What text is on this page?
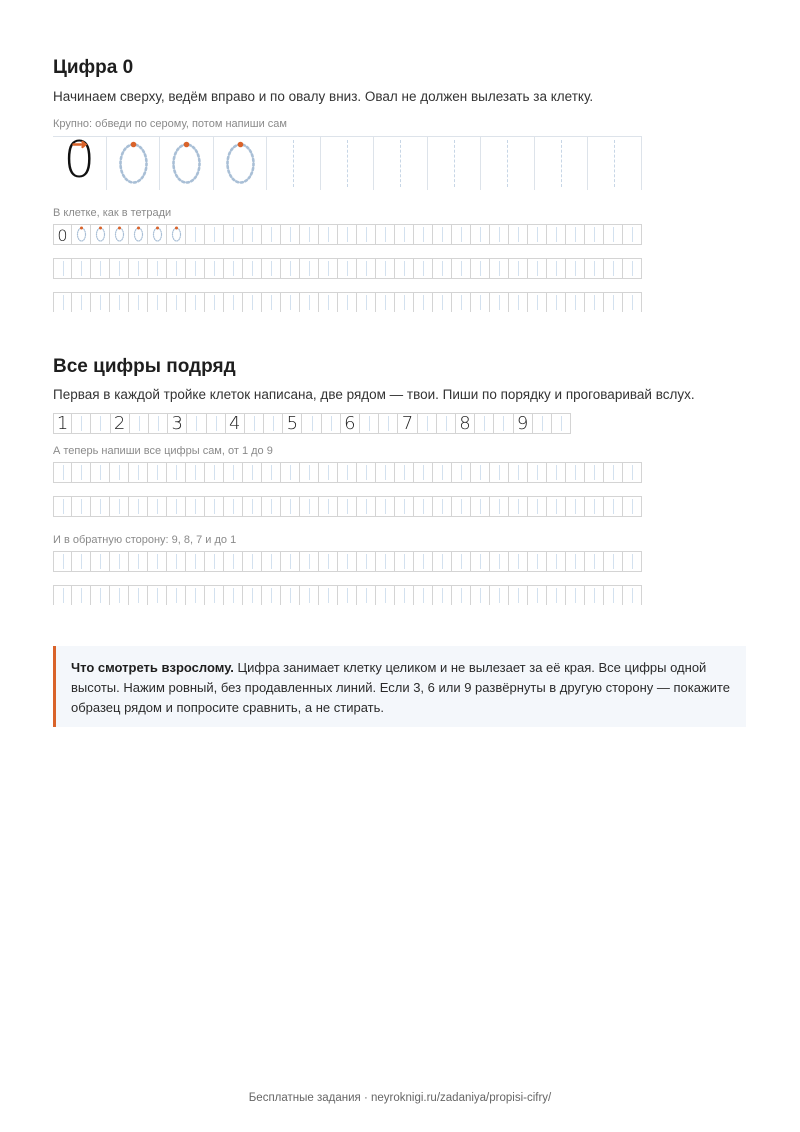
Цифра 0
Начинаем сверху, ведём вправо и по овалу вниз. Овал не должен вылезать за клетку.
Крупно: обведи по серому, потом напиши сам
0
В клетке, как в тетради
0
Все цифры подряд
Первая в каждой тройке клеток написана, две рядом — твои. Пиши по порядку и проговаривай вслух.
1	2	3	4	5	6	7	8	9
А теперь напиши все цифры сам, от 1 до 9
И в обратную сторону: 9, 8, 7 и до 1
Что смотреть взрослому. Цифра занимает клетку целиком и не вылезает за её края. Все цифры одной высоты. Нажим ровный, без продавленных линий. Если 3, 6 или 9 развёрнуты в другую сторону — покажите образец рядом и попросите сравнить, а не стирать.
Бесплатные задания · neyroknigi.ru/zadaniya/propisi-cifry/
